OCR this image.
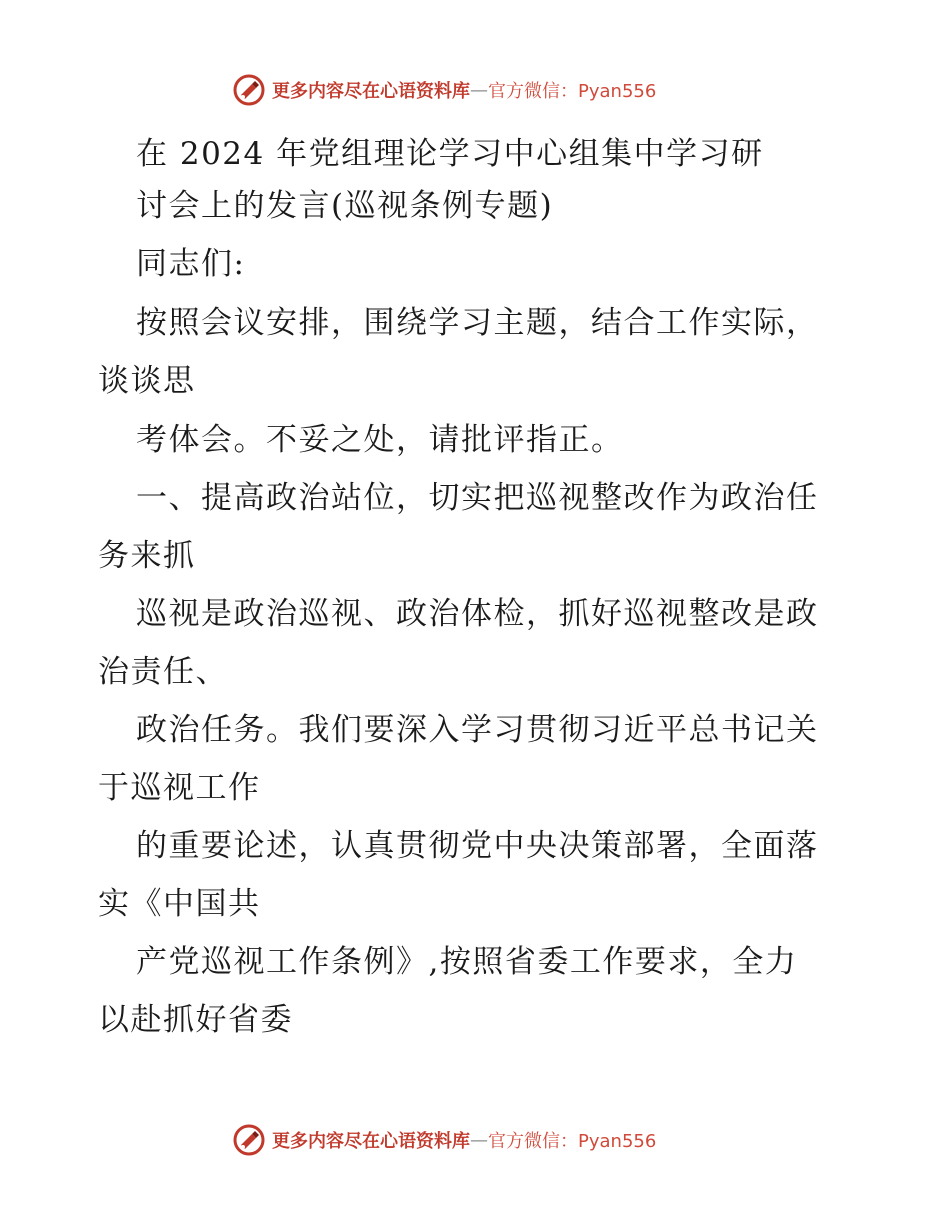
更多内容尽在心语资料库 — 官方微信：Pyan556
在 2024 年党组理论学习中心组集中学习研
讨会上的发言(巡视条例专题)
同志们:
按照会议安排，围绕学习主题，结合工作实际，
谈谈思
考体会。不妥之处，请批评指正。
一、提高政治站位，切实把巡视整改作为政治任
务来抓
巡视是政治巡视、政治体检，抓好巡视整改是政
治责任、
政治任务。我们要深入学习贯彻习近平总书记关
于巡视工作
的重要论述，认真贯彻党中央决策部署，全面落
实《中国共
产党巡视工作条例》,按照省委工作要求，全力
以赴抓好省委
更多内容尽在心语资料库 — 官方微信：Pyan556
